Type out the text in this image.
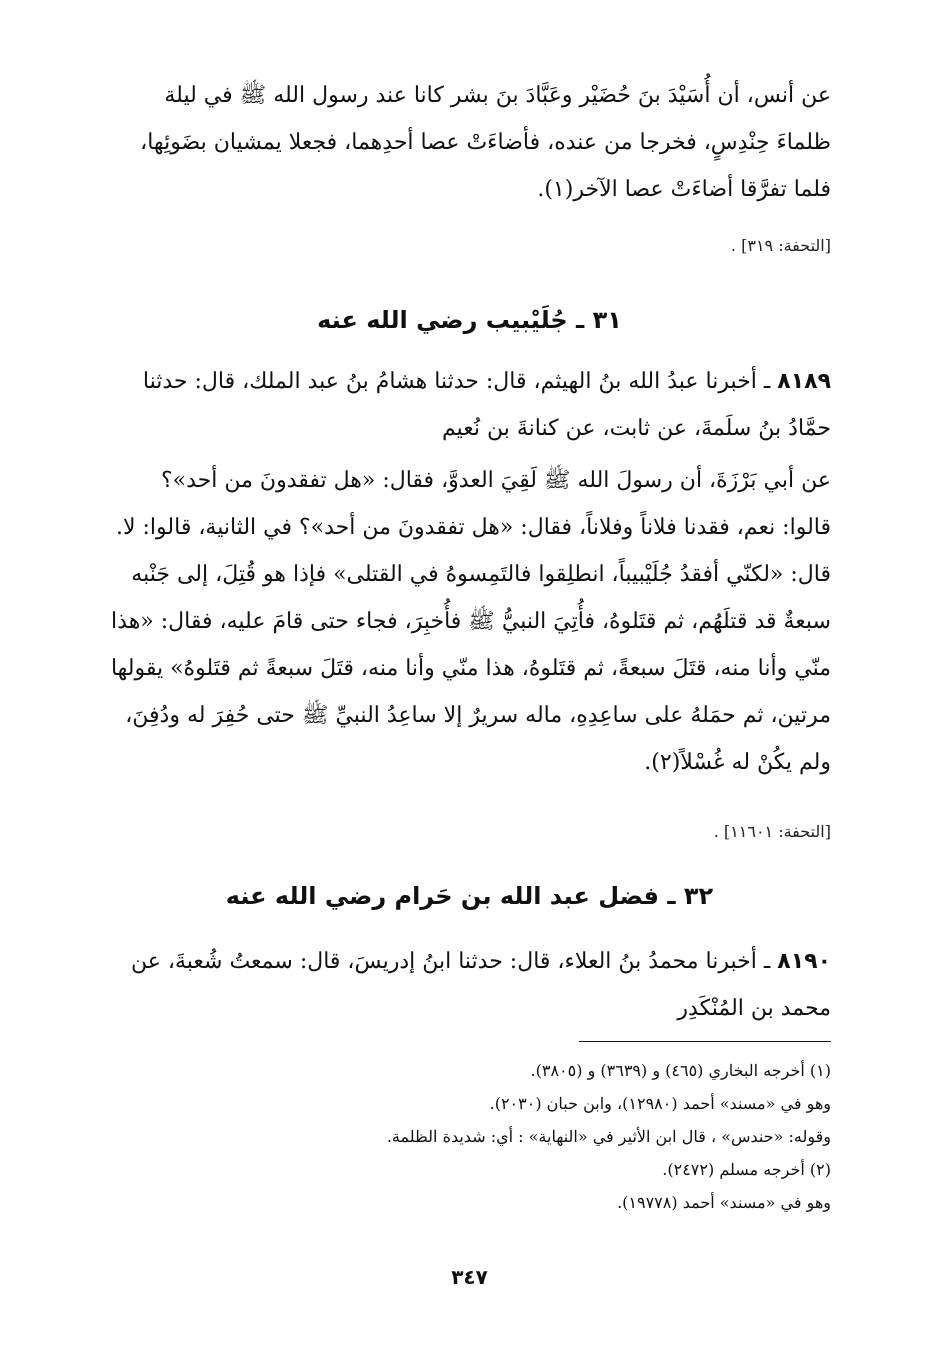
عن أنس، أن أُسَيْدَ بنَ حُضَيْر وعَبَّادَ بنَ بشر كانا عند رسول الله ﷺ في ليلة

ظلماءَ حِنْدِسٍ، فخرجا من عنده، فأضاءَتْ عصا أحدِهما، فجعلا يمشيان بضَوئِها،

فلما تفرَّقا أضاءَتْ عصا الآخر(١).

[التحفة: ٣١٩] .
٣١ ـ جُلَيْبيب رضي الله عنه

٨١٨٩ ـ أخبرنا عبدُ الله بنُ الهيثم، قال: حدثنا هشامُ بنُ عبد الملك، قال: حدثنا

حمَّادُ بنُ سلَمةَ، عن ثابت، عن كنانةَ بن نُعيم

عن أبي بَرْزَةَ، أن رسولَ الله ﷺ لَقِيَ العدوَّ، فقال: «هل تفقدونَ من أحد»؟

قالوا: نعم، فقدنا فلاناً وفلاناً، فقال: «هل تفقدونَ من أحد»؟ في الثانية، قالوا: لا.

قال: «لكنّي أفقدُ جُلَيْبيباً، انطلِقوا فالتَمِسوهُ في القتلى» فإذا هو قُتِلَ، إلى جَنْبه

سبعةٌ قد قتلَهُم، ثم قتَلوهُ، فأُتِيَ النبيُّ ﷺ فأُخبِرَ، فجاء حتى قامَ عليه، فقال: «هذا

منّي وأنا منه، قتَلَ سبعةً، ثم قتَلوهُ، هذا منّي وأنا منه، قتَلَ سبعةً ثم قتَلوهُ» يقولها

مرتين، ثم حمَلهُ على ساعِدِهِ، ماله سريرٌ إلا ساعِدُ النبيِّ ﷺ حتى حُفِرَ له ودُفِنَ،

ولم يكُنْ له غُسْلاً(٢).

[التحفة: ١١٦٠١] .
٣٢ ـ فضل عبد الله بن حَرام رضي الله عنه

٨١٩٠ ـ أخبرنا محمدُ بنُ العلاء، قال: حدثنا ابنُ إدريسَ، قال: سمعتُ شُعبةَ، عن

محمد بن المُنْكَدِر

(١) أخرجه البخاري (٤٦٥) و (٣٦٣٩) و (٣٨٠٥).
وهو في «مسند» أحمد (١٢٩٨٠)، وابن حبان (٢٠٣٠).
وقوله: «حندس» ، قال ابن الأثير في «النهاية» : أي: شديدة الظلمة.
(٢) أخرجه مسلم (٢٤٧٢).
وهو في «مسند» أحمد (١٩٧٧٨).
٣٤٧
